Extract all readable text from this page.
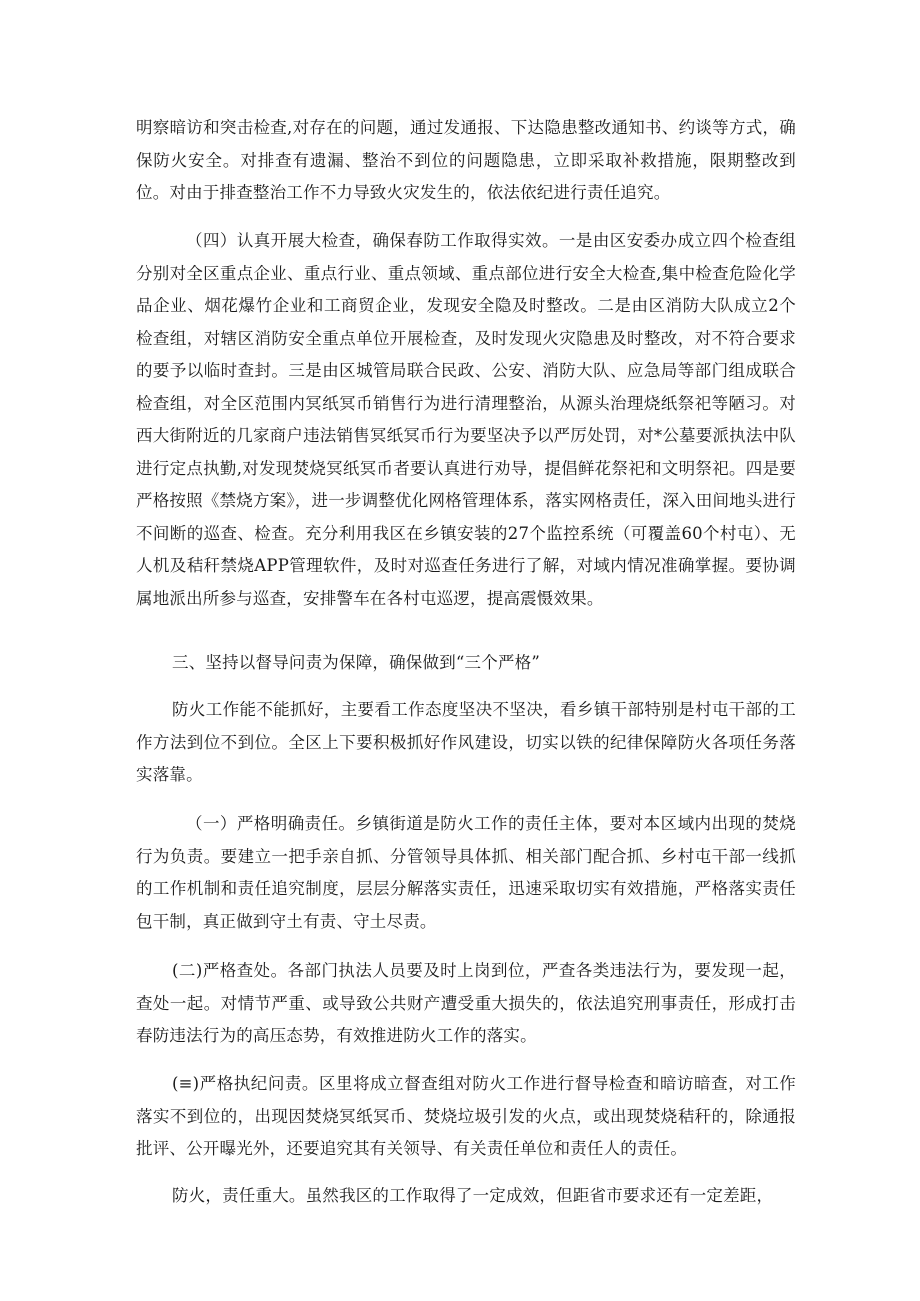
明察暗访和突击检查,对存在的问题，通过发通报、下达隐患整改通知书、约谈等方式，确保防火安全。对排查有遗漏、整治不到位的问题隐患，立即采取补救措施，限期整改到位。对由于排查整治工作不力导致火灾发生的，依法依纪进行责任追究。

（四）认真开展大检查，确保春防工作取得实效。一是由区安委办成立四个检查组分别对全区重点企业、重点行业、重点领域、重点部位进行安全大检查,集中检查危险化学品企业、烟花爆竹企业和工商贸企业，发现安全隐及时整改。二是由区消防大队成立2个检查组，对辖区消防安全重点单位开展检查，及时发现火灾隐患及时整改，对不符合要求的要予以临时查封。三是由区城管局联合民政、公安、消防大队、应急局等部门组成联合检查组，对全区范围内冥纸冥币销售行为进行清理整治，从源头治理烧纸祭祀等陋习。对西大街附近的几家商户违法销售冥纸冥币行为要坚决予以严厉处罚，对*公墓要派执法中队进行定点执勤,对发现焚烧冥纸冥币者要认真进行劝导，提倡鲜花祭祀和文明祭祀。四是要严格按照《禁烧方案》，进一步调整优化网格管理体系，落实网格责任，深入田间地头进行不间断的巡查、检查。充分利用我区在乡镇安装的27个监控系统（可覆盖60个村屯）、无人机及秸秆禁烧APP管理软件，及时对巡查任务进行了解，对域内情况准确掌握。要协调属地派出所参与巡查，安排警车在各村屯巡逻，提高震慑效果。

三、坚持以督导问责为保障，确保做到“三个严格”

防火工作能不能抓好，主要看工作态度坚决不坚决，看乡镇干部特别是村屯干部的工作方法到位不到位。全区上下要积极抓好作风建设，切实以铁的纪律保障防火各项任务落实落靠。

（一）严格明确责任。乡镇街道是防火工作的责任主体，要对本区域内出现的焚烧行为负责。要建立一把手亲自抓、分管领导具体抓、相关部门配合抓、乡村屯干部一线抓的工作机制和责任追究制度，层层分解落实责任，迅速采取切实有效措施，严格落实责任包干制，真正做到守土有责、守土尽责。

(二)严格查处。各部门执法人员要及时上岗到位，严查各类违法行为，要发现一起，查处一起。对情节严重、或导致公共财产遭受重大损失的，依法追究刑事责任，形成打击春防违法行为的高压态势，有效推进防火工作的落实。

(≡)严格执纪问责。区里将成立督查组对防火工作进行督导检查和暗访暗查，对工作落实不到位的，出现因焚烧冥纸冥币、焚烧垃圾引发的火点，或出现焚烧秸秆的，除通报批评、公开曝光外，还要追究其有关领导、有关责任单位和责任人的责任。

防火，责任重大。虽然我区的工作取得了一定成效，但距省市要求还有一定差距，
